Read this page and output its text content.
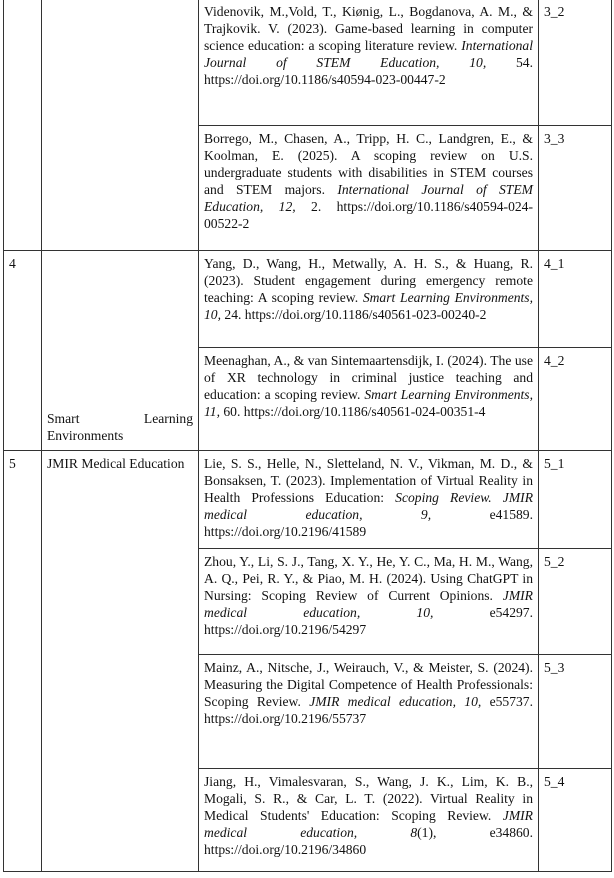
		Videnovik, M.,Vold, T., Kiønig, L., Bogdanova, A. M., & Trajkovik. V. (2023). Game-based learning in computer science education: a scoping literature review. International Journal of STEM Education, 10, 54. https://doi.org/10.1186/s40594-023-00447-2	3_2
		Borrego, M., Chasen, A., Tripp, H. C., Landgren, E., & Koolman, E. (2025). A scoping review on U.S. undergraduate students with disabilities in STEM courses and STEM majors. International Journal of STEM Education, 12, 2. https://doi.org/10.1186/s40594-024-00522-2	3_3
4	Smart Learning Environments	Yang, D., Wang, H., Metwally, A. H. S., & Huang, R. (2023). Student engagement during emergency remote teaching: A scoping review. Smart Learning Environments, 10, 24. https://doi.org/10.1186/s40561-023-00240-2	4_1
		Meenaghan, A., & van Sintemaartensdijk, I. (2024). The use of XR technology in criminal justice teaching and education: a scoping review. Smart Learning Environments, 11, 60. https://doi.org/10.1186/s40561-024-00351-4	4_2
5	JMIR Medical Education	Lie, S. S., Helle, N., Sletteland, N. V., Vikman, M. D., & Bonsaksen, T. (2023). Implementation of Virtual Reality in Health Professions Education: Scoping Review. JMIR medical education, 9, e41589. https://doi.org/10.2196/41589	5_1
		Zhou, Y., Li, S. J., Tang, X. Y., He, Y. C., Ma, H. M., Wang, A. Q., Pei, R. Y., & Piao, M. H. (2024). Using ChatGPT in Nursing: Scoping Review of Current Opinions. JMIR medical education, 10, e54297. https://doi.org/10.2196/54297	5_2
		Mainz, A., Nitsche, J., Weirauch, V., & Meister, S. (2024). Measuring the Digital Competence of Health Professionals: Scoping Review. JMIR medical education, 10, e55737. https://doi.org/10.2196/55737	5_3
		Jiang, H., Vimalesvaran, S., Wang, J. K., Lim, K. B., Mogali, S. R., & Car, L. T. (2022). Virtual Reality in Medical Students' Education: Scoping Review. JMIR medical education, 8(1), e34860. https://doi.org/10.2196/34860	5_4
